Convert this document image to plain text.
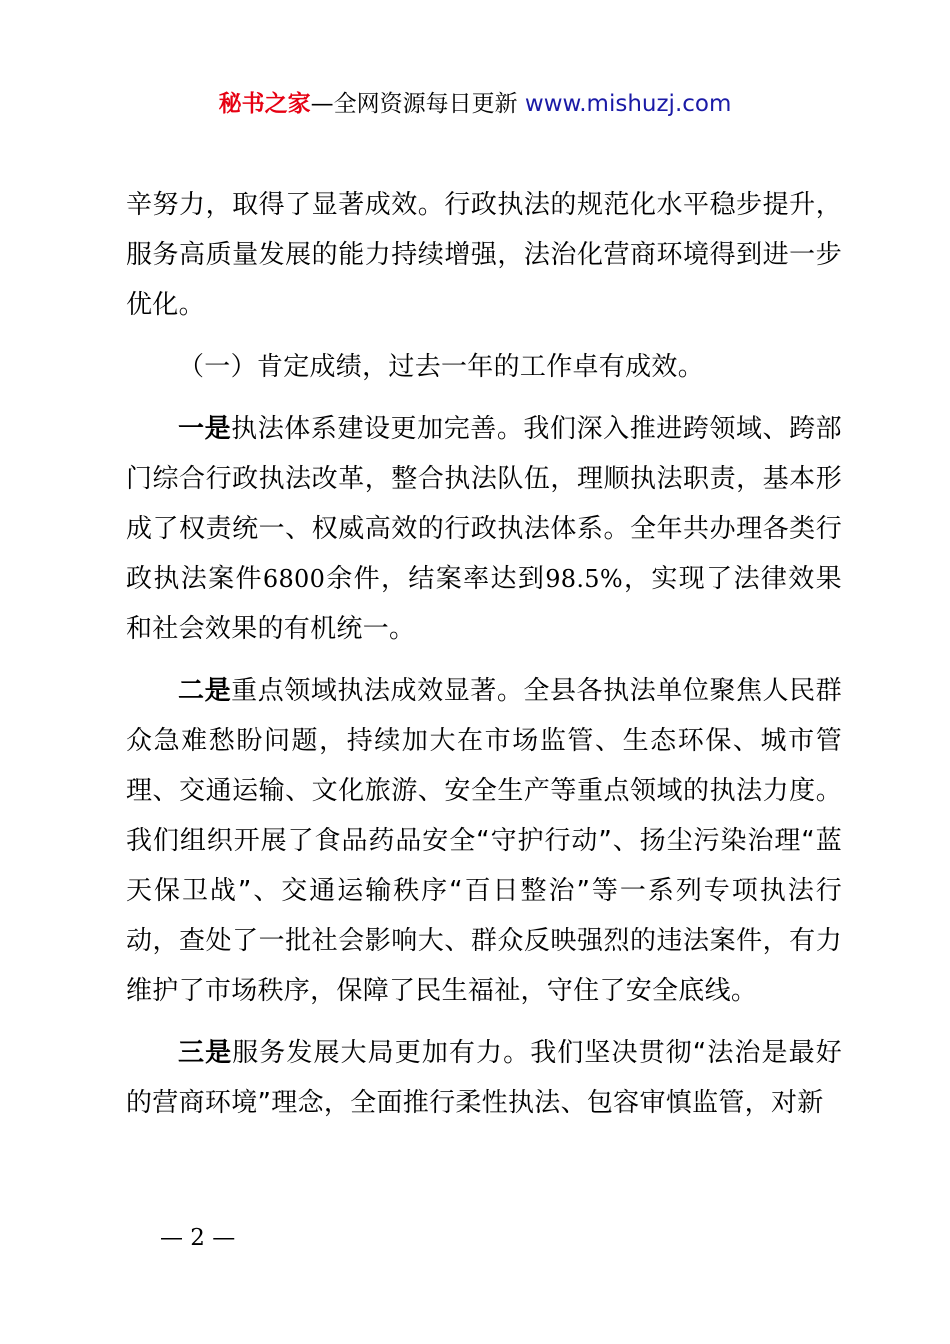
秘书之家—全网资源每日更新 www.mishuzj.com

辛努力，取得了显著成效。行政执法的规范化水平稳步提升，服务高质量发展的能力持续增强，法治化营商环境得到进一步优化。

（一）肯定成绩，过去一年的工作卓有成效。

一是执法体系建设更加完善。我们深入推进跨领域、跨部门综合行政执法改革，整合执法队伍，理顺执法职责，基本形成了权责统一、权威高效的行政执法体系。全年共办理各类行政执法案件6800余件，结案率达到98.5%，实现了法律效果和社会效果的有机统一。

二是重点领域执法成效显著。全县各执法单位聚焦人民群众急难愁盼问题，持续加大在市场监管、生态环保、城市管理、交通运输、文化旅游、安全生产等重点领域的执法力度。我们组织开展了食品药品安全“守护行动”、扬尘污染治理“蓝天保卫战”、交通运输秩序“百日整治”等一系列专项执法行动，查处了一批社会影响大、群众反映强烈的违法案件，有力维护了市场秩序，保障了民生福祉，守住了安全底线。

三是服务发展大局更加有力。我们坚决贯彻“法治是最好的营商环境”理念，全面推行柔性执法、包容审慎监管，对新

— 2 —
